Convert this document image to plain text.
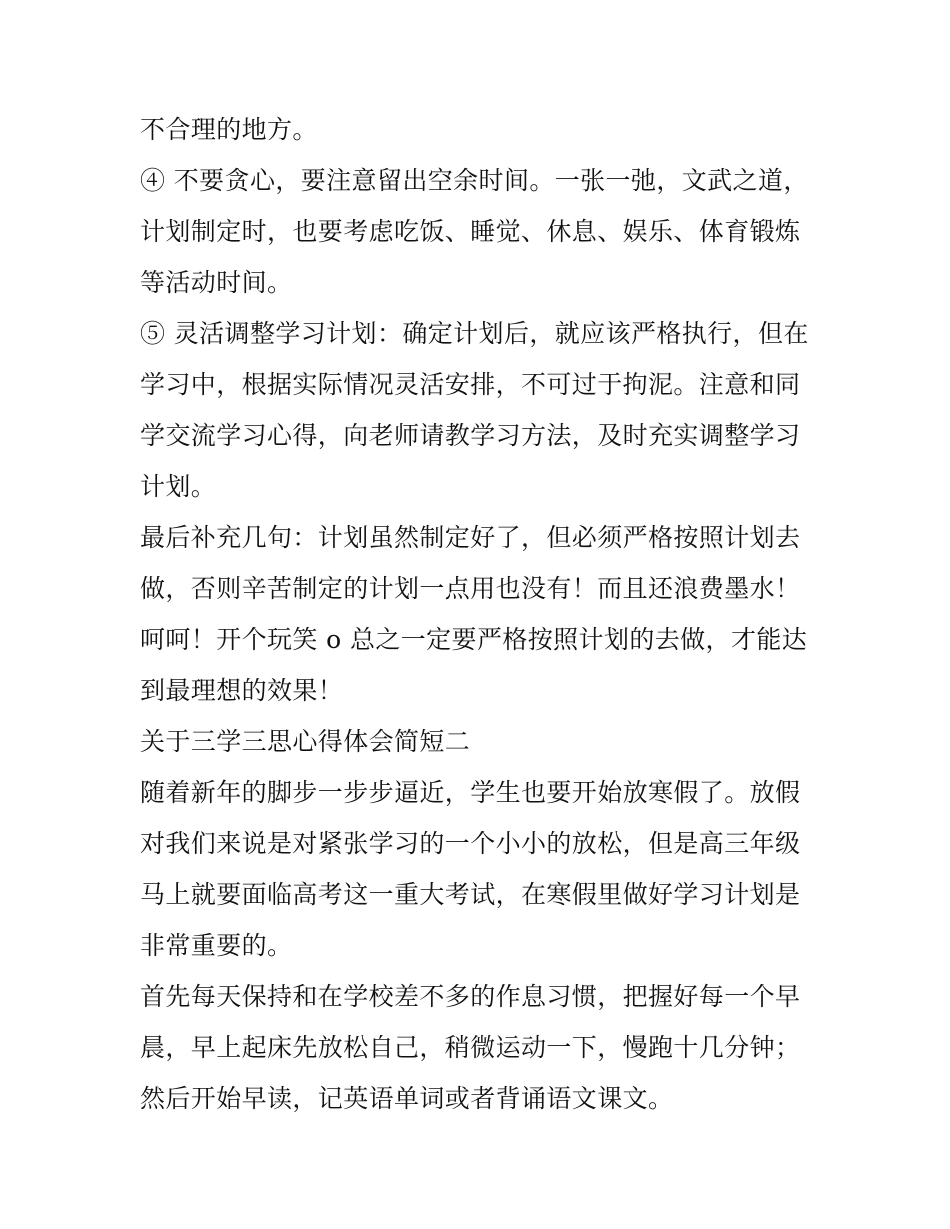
不合理的地方。

④ 不要贪心，要注意留出空余时间。一张一弛，文武之道，计划制定时，也要考虑吃饭、睡觉、休息、娱乐、体育锻炼等活动时间。

⑤ 灵活调整学习计划：确定计划后，就应该严格执行，但在学习中，根据实际情况灵活安排，不可过于拘泥。注意和同学交流学习心得，向老师请教学习方法，及时充实调整学习计划。

最后补充几句：计划虽然制定好了，但必须严格按照计划去做，否则辛苦制定的计划一点用也没有！而且还浪费墨水！呵呵！开个玩笑 o 总之一定要严格按照计划的去做，才能达到最理想的效果！

关于三学三思心得体会简短二

随着新年的脚步一步步逼近，学生也要开始放寒假了。放假对我们来说是对紧张学习的一个小小的放松，但是高三年级马上就要面临高考这一重大考试，在寒假里做好学习计划是非常重要的。

首先每天保持和在学校差不多的作息习惯，把握好每一个早晨，早上起床先放松自己，稍微运动一下，慢跑十几分钟；然后开始早读，记英语单词或者背诵语文课文。
